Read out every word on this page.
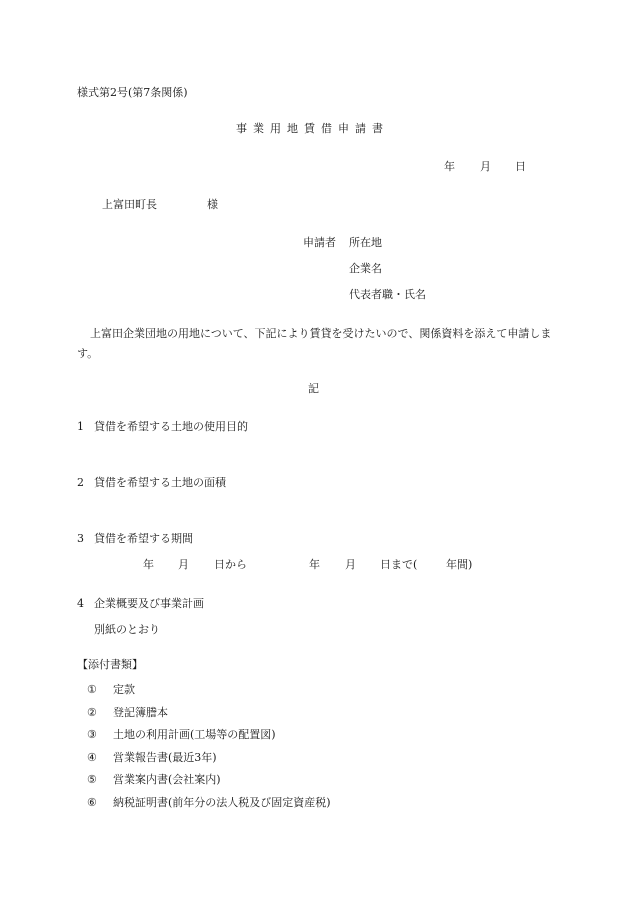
様式第2号(第7条関係)
事業用地賃借申請書
年 月 日
上富田町長	様
申請者 所在地
企業名
代表者職・氏名
上富田企業団地の用地について、下記により賃貸を受けたいので、関係資料を添えて申請します。
記
1 貸借を希望する土地の使用目的
2 貸借を希望する土地の面積
3 貸借を希望する期間
年 月 日から	年 月 日まで(	年間)
4 企業概要及び事業計画
別紙のとおり
【添付書類】
① 定款
② 登記簿謄本
③ 土地の利用計画(工場等の配置図)
④ 営業報告書(最近3年)
⑤ 営業案内書(会社案内)
⑥ 納税証明書(前年分の法人税及び固定資産税)
